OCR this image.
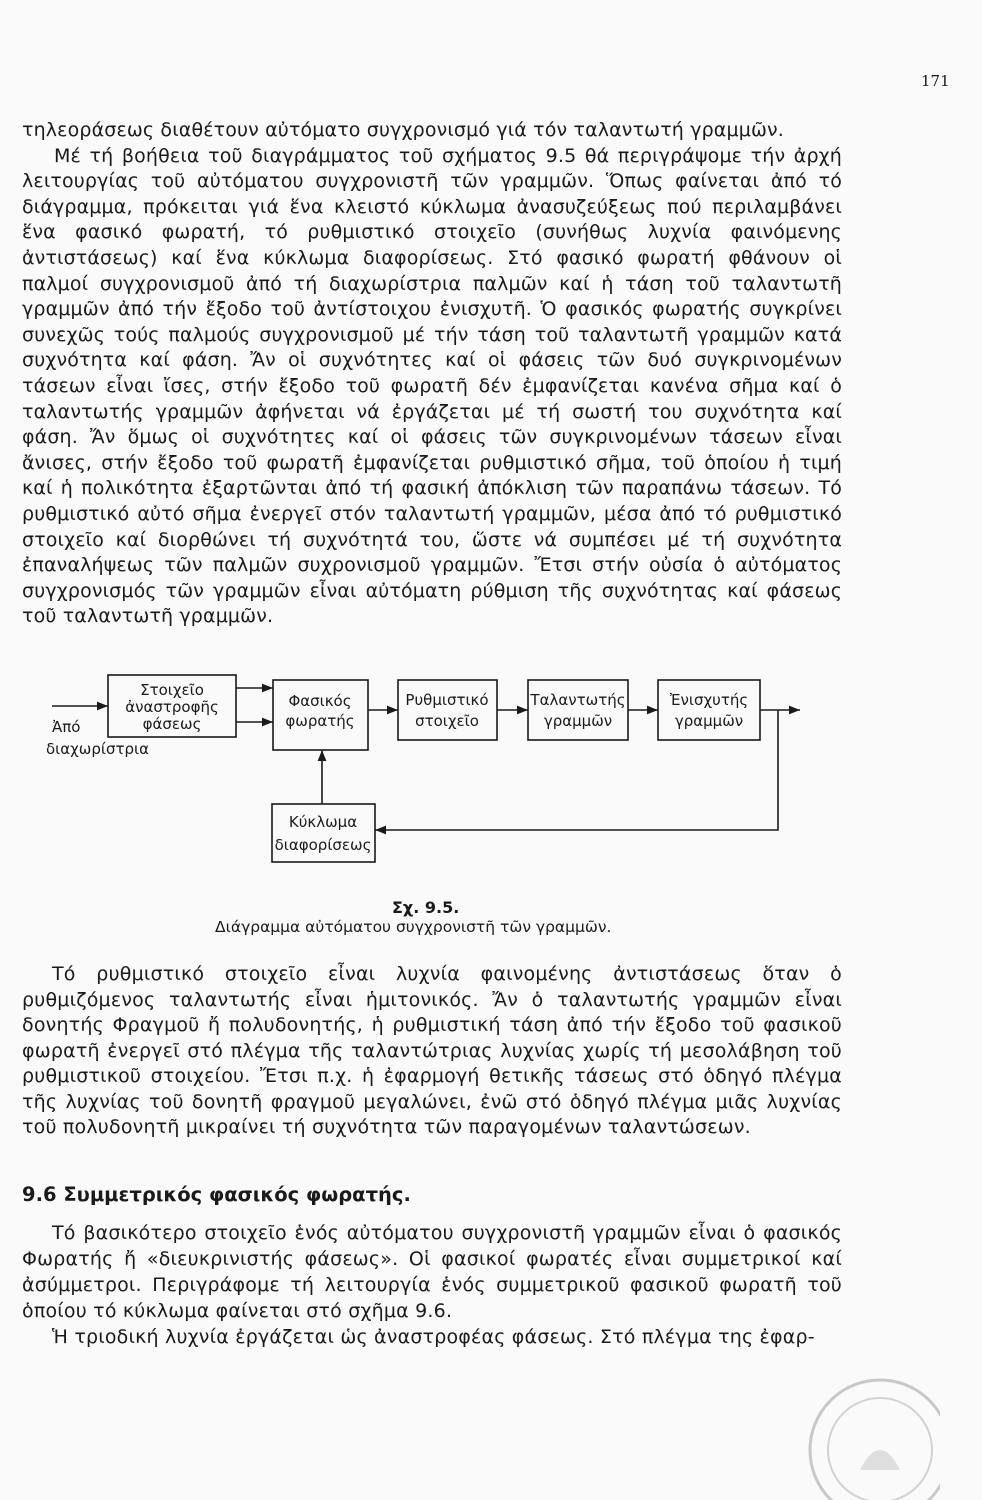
171

τηλεοράσεως διαθέτουν αὐτόματο συγχρονισμό γιά τόν ταλαντωτή γραμμῶν.

Μέ τή βοήθεια τοῦ διαγράμματος τοῦ σχήματος 9.5 θά περιγράψομε τήν ἀρχή λειτουργίας τοῦ αὐτόματου συγχρονιστῆ τῶν γραμμῶν. Ὅπως φαίνεται ἀπό τό διάγραμμα, πρόκειται γιά ἕνα κλειστό κύκλωμα ἀνασυζεύξεως πού περιλαμβάνει ἕνα φασικό φωρατή, τό ρυθμιστικό στοιχεῖο (συνήθως λυχνία φαινόμενης ἀντιστάσεως) καί ἕνα κύκλωμα διαφορίσεως. Στό φασικό φωρατή φθάνουν οἱ παλμοί συγχρονισμοῦ ἀπό τή διαχωρίστρια παλμῶν καί ἡ τάση τοῦ ταλαντωτῆ γραμμῶν ἀπό τήν ἔξοδο τοῦ ἀντίστοιχου ἐνισχυτῆ. Ὁ φασικός φωρατής συγκρίνει συνεχῶς τούς παλμούς συγχρονισμοῦ μέ τήν τάση τοῦ ταλαντωτῆ γραμμῶν κατά συχνότητα καί φάση. Ἄν οἱ συχνότητες καί οἱ φάσεις τῶν δυό συγκρινομένων τάσεων εἶναι ἴσες, στήν ἔξοδο τοῦ φωρατῆ δέν ἐμφανίζεται κανένα σῆμα καί ὁ ταλαντωτής γραμμῶν ἀφήνεται νά ἐργάζεται μέ τή σωστή του συχνότητα καί φάση. Ἄν ὅμως οἱ συχνότητες καί οἱ φάσεις τῶν συγκρινομένων τάσεων εἶναι ἄνισες, στήν ἔξοδο τοῦ φωρατῆ ἐμφανίζεται ρυθμιστικό σῆμα, τοῦ ὁποίου ἡ τιμή καί ἡ πολικότητα ἐξαρτῶνται ἀπό τή φασική ἀπόκλιση τῶν παραπάνω τάσεων. Τό ρυθμιστικό αὐτό σῆμα ἐνεργεῖ στόν ταλαντωτή γραμμῶν, μέσα ἀπό τό ρυθμιστικό στοιχεῖο καί διορθώνει τή συχνότητά του, ὥστε νά συμπέσει μέ τή συχνότητα ἐπαναλήψεως τῶν παλμῶν συχρονισμοῦ γραμμῶν. Ἔτσι στήν οὐσία ὁ αὐτόματος συγχρονισμός τῶν γραμμῶν εἶναι αὐτόματη ρύθμιση τῆς συχνότητας καί φάσεως τοῦ ταλαντωτῆ γραμμῶν.

Στοιχεῖο
ἀναστροφῆς
φάσεως
Φασικός
φωρατής
Ρυθμιστικό
στοιχεῖο
Ταλαντωτής
γραμμῶν
Ἐνισχυτής
γραμμῶν
Κύκλωμα
διαφορίσεως
Ἀπό
διαχωρίστρια
Σχ. 9.5.
Διάγραμμα αὐτόματου συγχρονιστῆ τῶν γραμμῶν.

Τό ρυθμιστικό στοιχεῖο εἶναι λυχνία φαινομένης ἀντιστάσεως ὅταν ὁ ρυθμιζόμενος ταλαντωτής εἶναι ἡμιτονικός. Ἄν ὁ ταλαντωτής γραμμῶν εἶναι δονητής Φραγμοῦ ἤ πολυδονητής, ἡ ρυθμιστική τάση ἀπό τήν ἔξοδο τοῦ φασικοῦ φωρατῆ ἐνεργεῖ στό πλέγμα τῆς ταλαντώτριας λυχνίας χωρίς τή μεσολάβηση τοῦ ρυθμιστικοῦ στοιχείου. Ἔτσι π.χ. ἡ ἐφαρμογή θετικῆς τάσεως στό ὁδηγό πλέγμα τῆς λυχνίας τοῦ δονητῆ φραγμοῦ μεγαλώνει, ἐνῶ στό ὁδηγό πλέγμα μιᾶς λυχνίας τοῦ πολυδονητῆ μικραίνει τή συχνότητα τῶν παραγομένων ταλαντώσεων.

9.6 Συμμετρικός φασικός φωρατής.

Τό βασικότερο στοιχεῖο ἑνός αὐτόματου συγχρονιστῆ γραμμῶν εἶναι ὁ φασικός Φωρατής ἤ «διευκρινιστής φάσεως». Οἱ φασικοί φωρατές εἶναι συμμετρικοί καί ἀσύμμετροι. Περιγράφομε τή λειτουργία ἑνός συμμετρικοῦ φασικοῦ φωρατῆ τοῦ ὁποίου τό κύκλωμα φαίνεται στό σχῆμα 9.6.

Ἡ τριοδική λυχνία ἐργάζεται ὡς ἀναστροφέας φάσεως. Στό πλέγμα της ἐφαρ-
